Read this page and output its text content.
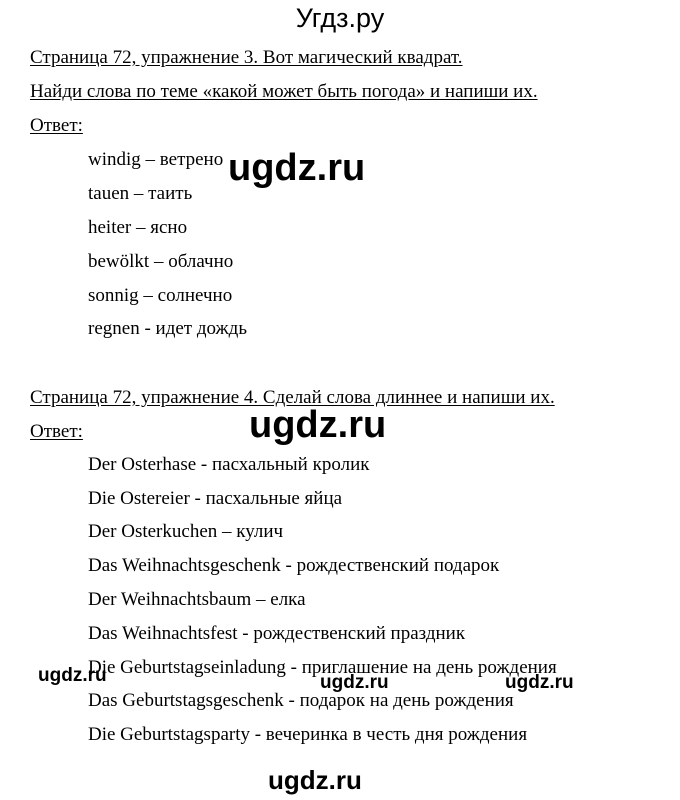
Угдз.ру
Страница 72, упражнение 3. Вот магический квадрат.
Найди слова по теме «какой может быть погода» и напиши их.
Ответ:
windig – ветрено
tauen – таить
heiter – ясно
bewölkt – облачно
sonnig – солнечно
regnen - идет дождь
Страница 72, упражнение 4. Сделай слова длиннее и напиши их.
Ответ:
Der Osterhase - пасхальный кролик
Die Ostereier - пасхальные яйца
Der Osterkuchen – кулич
Das Weihnachtsgeschenk - рождественский подарок
Der Weihnachtsbaum – елка
Das Weihnachtsfest - рождественский праздник
Die Geburtstagseinladung - приглашение на день рождения
Das Geburtstagsgeschenk - подарок на день рождения
Die Geburtstagsparty - вечеринка в честь дня рождения
ugdz.ru
ugdz.ru
ugdz.ru	ugdz.ru	ugdz.ru
ugdz.ru
